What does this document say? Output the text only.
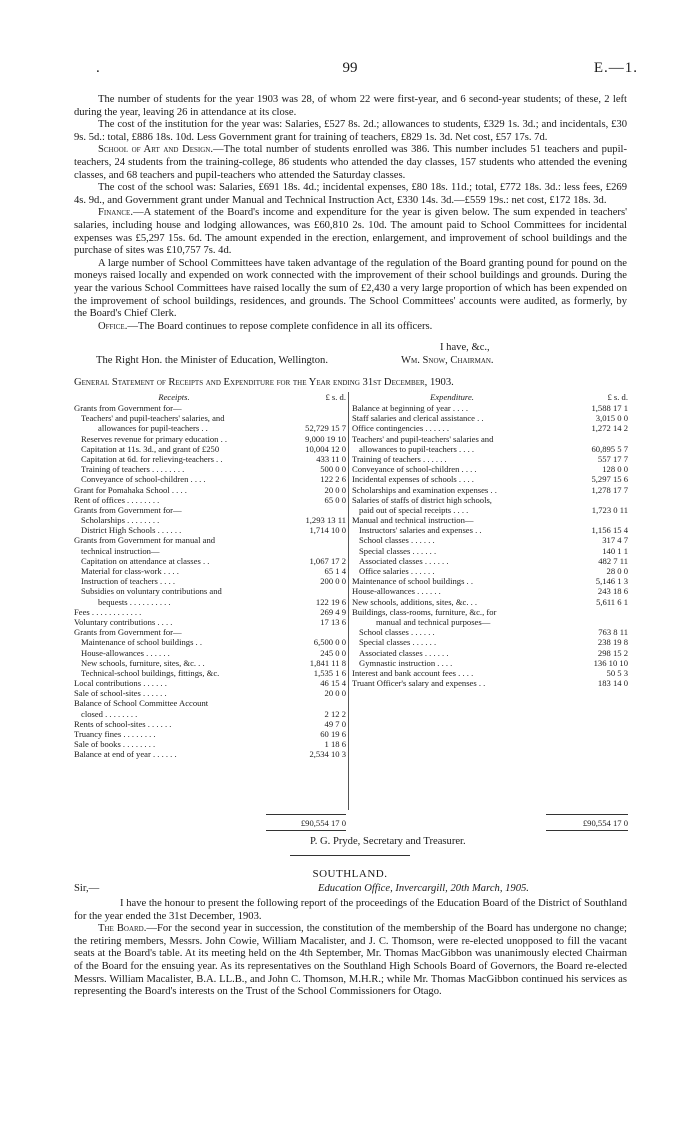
.	99	E.—1.

The number of students for the year 1903 was 28, of whom 22 were first-year, and 6 second-year students; of these, 2 left during the year, leaving 26 in attendance at its close.

The cost of the institution for the year was: Salaries, £527 8s. 2d.; allowances to students, £329 1s. 3d.; and incidentals, £30 9s. 5d.: total, £886 18s. 10d. Less Government grant for training of teachers, £829 1s. 3d. Net cost, £57 17s. 7d.

School of Art and Design.—The total number of students enrolled was 386. This number includes 51 teachers and pupil-teachers, 24 students from the training-college, 86 students who attended the day classes, 157 students who attended the evening classes, and 68 teachers and pupil-teachers who attended the Saturday classes.

The cost of the school was: Salaries, £691 18s. 4d.; incidental expenses, £80 18s. 11d.; total, £772 18s. 3d.: less fees, £269 4s. 9d., and Government grant under Manual and Technical Instruction Act, £330 14s. 3d.—£559 19s.: net cost, £172 18s. 3d.

Finance.—A statement of the Board's income and expenditure for the year is given below. The sum expended in teachers' salaries, including house and lodging allowances, was £60,810 2s. 10d. The amount paid to School Committees for incidental expenses was £5,297 15s. 6d. The amount expended in the erection, enlargement, and improvement of school buildings and the purchase of sites was £10,757 7s. 4d.

A large number of School Committees have taken advantage of the regulation of the Board granting pound for pound on the moneys raised locally and expended on work connected with the improvement of their school buildings and grounds. During the year the various School Committees have raised locally the sum of £2,430 a very large proportion of which has been expended on the improvement of school buildings, residences, and grounds. The School Committees' accounts were audited, as formerly, by the Board's Chief Clerk.

Office.—The Board continues to repose complete confidence in all its officers.

I have, &c.,
The Right Hon. the Minister of Education, Wellington.	Wm. Snow, Chairman.
General Statement of Receipts and Expenditure for the Year ending 31st December, 1903.
Receipts.	£ s. d.
Grants from Government for—
Teachers' and pupil-teachers' salaries, and
allowances for pupil-teachers . .	52,729 15 7
Reserves revenue for primary education . .	9,000 19 10
Capitation at 11s. 3d., and grant of £250	10,004 12 0
Capitation at 6d. for relieving-teachers . .	433 11 0
Training of teachers . . . . . . . .	500 0 0
Conveyance of school-children . . . .	122 2 6
Grant for Pomahaka School . . . .	20 0 0
Rent of offices . . . . . . . .	65 0 0
Grants from Government for—
Scholarships . . . . . . . .	1,293 13 11
District High Schools . . . . . .	1,714 10 0
Grants from Government for manual and
technical instruction—
Capitation on attendance at classes . .	1,067 17 2
Material for class-work . . . .	65 1 4
Instruction of teachers . . . .	200 0 0
Subsidies on voluntary contributions and
bequests . . . . . . . . . .	122 19 6
Fees . . . . . . . . . . . .	269 4 9
Voluntary contributions . . . .	17 13 6
Grants from Government for—
Maintenance of school buildings . .	6,500 0 0
House-allowances . . . . . .	245 0 0
New schools, furniture, sites, &c. . .	1,841 11 8
Technical-school buildings, fittings, &c.	1,535 1 6
Local contributions . . . . . .	46 15 4
Sale of school-sites . . . . . .	20 0 0
Balance of School Committee Account
closed . . . . . . . .	2 12 2
Rents of school-sites . . . . . .	49 7 0
Truancy fines . . . . . . . .	60 19 6
Sale of books . . . . . . . .	1 18 6
Balance at end of year . . . . . .	2,534 10 3
Expenditure.	£ s. d.
Balance at beginning of year . . . .	1,588 17 1
Staff salaries and clerical assistance . .	3,015 0 0
Office contingencies . . . . . .	1,272 14 2
Teachers' and pupil-teachers' salaries and
allowances to pupil-teachers . . . .	60,895 5 7
Training of teachers . . . . . .	557 17 7
Conveyance of school-children . . . .	128 0 0
Incidental expenses of schools . . . .	5,297 15 6
Scholarships and examination expenses . .	1,278 17 7
Salaries of staffs of district high schools,
paid out of special receipts . . . .	1,723 0 11
Manual and technical instruction—
Instructors' salaries and expenses . .	1,156 15 4
School classes . . . . . .	317 4 7
Special classes . . . . . .	140 1 1
Associated classes . . . . . .	482 7 11
Office salaries . . . . . .	28 0 0
Maintenance of school buildings . .	5,146 1 3
House-allowances . . . . . .	243 18 6
New schools, additions, sites, &c. . .	5,611 6 1
Buildings, class-rooms, furniture, &c., for
manual and technical purposes—
School classes . . . . . .	763 8 11
Special classes . . . . . .	238 19 8
Associated classes . . . . . .	298 15 2
Gymnastic instruction . . . .	136 10 10
Interest and bank account fees . . . .	50 5 3
Truant Officer's salary and expenses . .	183 14 0
£90,554 17 0	£90,554 17 0
P. G. Pryde, Secretary and Treasurer.
SOUTHLAND.
Sir,—	Education Office, Invercargill, 20th March, 1905.

I have the honour to present the following report of the proceedings of the Education Board of the District of Southland for the year ended the 31st December, 1903.

The Board.—For the second year in succession, the constitution of the membership of the Board has undergone no change; the retiring members, Messrs. John Cowie, William Macalister, and J. C. Thomson, were re-elected unopposed to fill the vacant seats at the Board's table. At its meeting held on the 4th September, Mr. Thomas MacGibbon was unanimously elected Chairman of the Board for the ensuing year. As its representatives on the Southland High Schools Board of Governors, the Board re-elected Messrs. William Macalister, B.A. LL.B., and John C. Thomson, M.H.R.; while Mr. Thomas MacGibbon continued his services as representing the Board's interests on the Trust of the School Commissioners for Otago.
